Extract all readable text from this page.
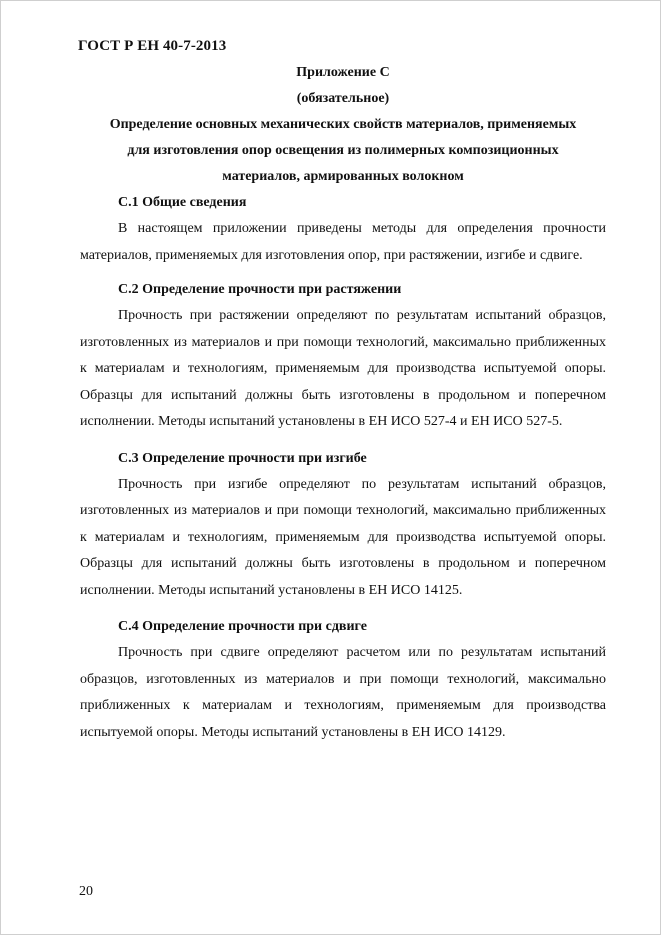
ГОСТ Р ЕН 40-7-2013
Приложение С
(обязательное)
Определение основных механических свойств материалов, применяемых
для изготовления опор освещения из полимерных композиционных
материалов, армированных волокном
С.1 Общие сведения

В настоящем приложении приведены методы для определения прочности материалов, применяемых для изготовления опор, при растяжении, изгибе и сдвиге.

С.2 Определение прочности при растяжении

Прочность при растяжении определяют по результатам испытаний образцов, изготовленных из материалов и при помощи технологий, максимально приближенных к материалам и технологиям, применяемым для производства испытуемой опоры. Образцы для испытаний должны быть изготовлены в продольном и поперечном исполнении. Методы испытаний установлены в ЕН ИСО 527-4 и ЕН ИСО 527-5.

С.3 Определение прочности при изгибе

Прочность при изгибе определяют по результатам испытаний образцов, изготовленных из материалов и при помощи технологий, максимально приближенных к материалам и технологиям, применяемым для производства испытуемой опоры. Образцы для испытаний должны быть изготовлены в продольном и поперечном исполнении. Методы испытаний установлены в ЕН ИСО 14125.

С.4 Определение прочности при сдвиге

Прочность при сдвиге определяют расчетом или по результатам испытаний образцов, изготовленных из материалов и при помощи технологий, максимально приближенных к материалам и технологиям, применяемым для производства испытуемой опоры. Методы испытаний установлены в ЕН ИСО 14129.

20
